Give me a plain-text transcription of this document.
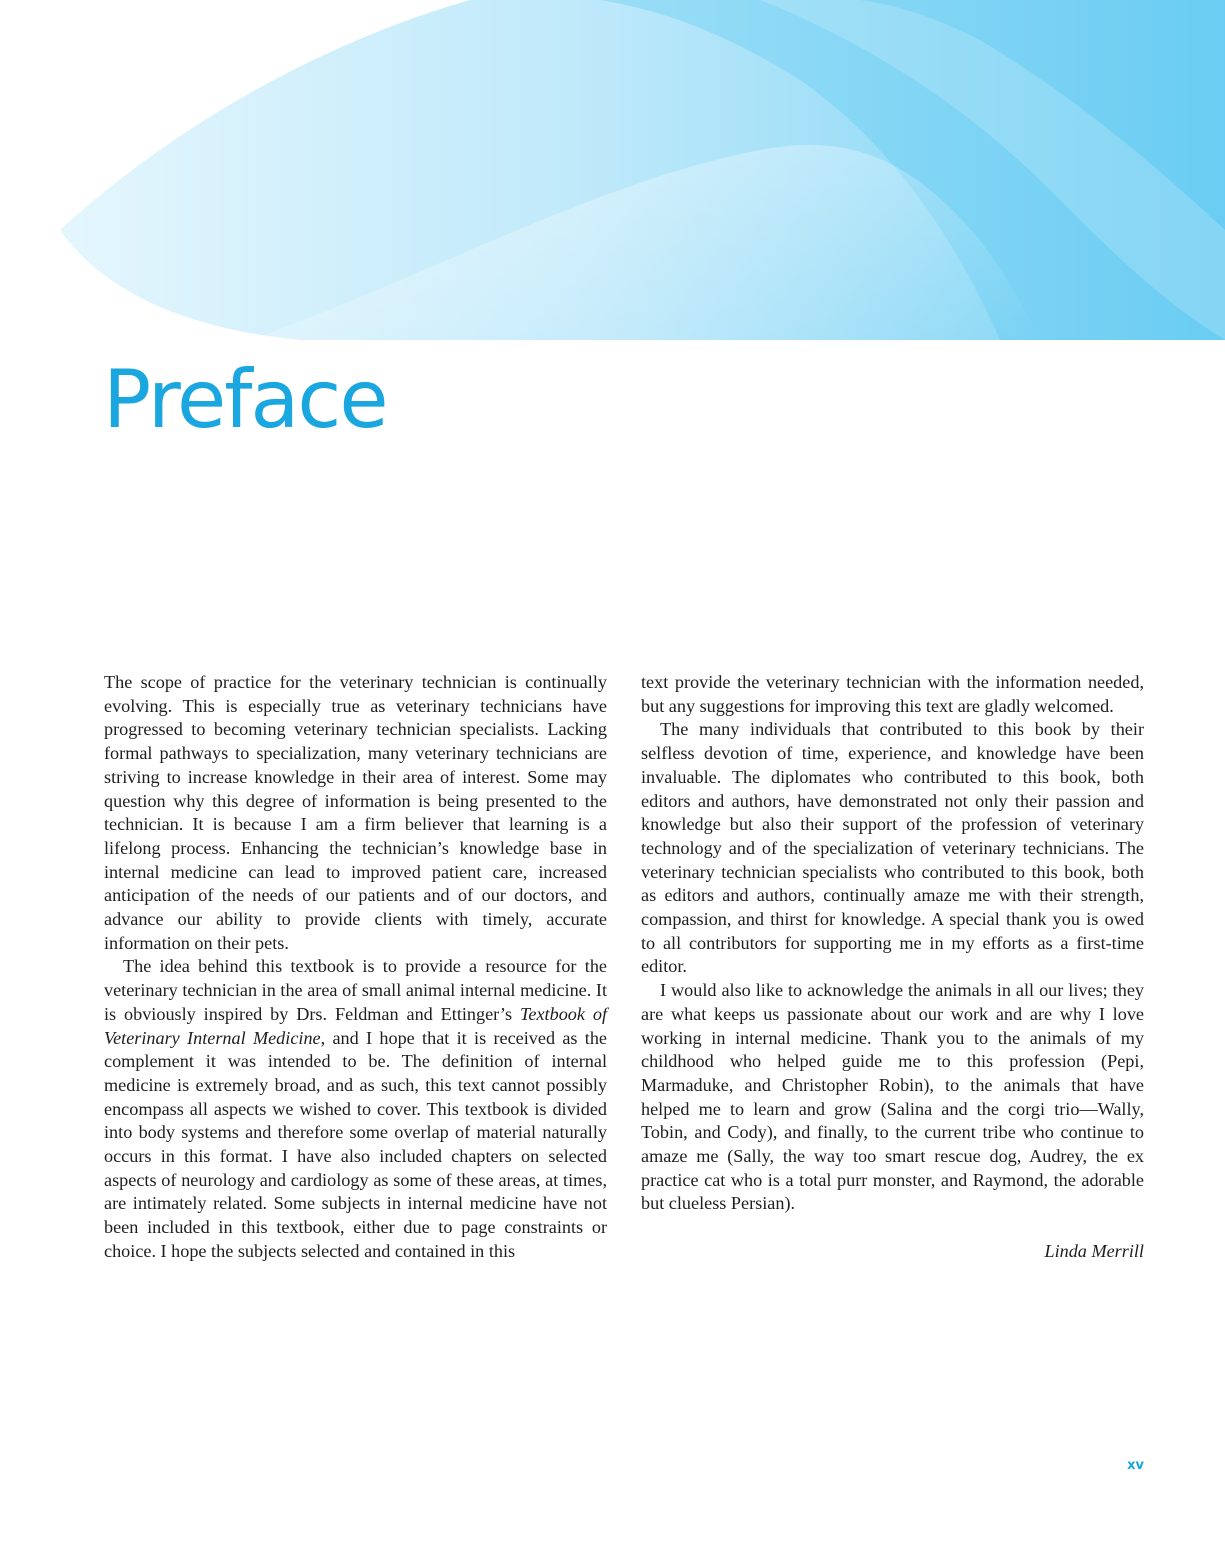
Preface

The scope of practice for the veterinary technician is continually evolving. This is especially true as veterinary technicians have progressed to becoming veterinary technician specialists. Lacking formal pathways to specialization, many veterinary technicians are striving to increase knowledge in their area of interest. Some may question why this degree of information is being presented to the technician. It is because I am a firm believer that learning is a lifelong process. Enhancing the technician’s knowledge base in internal medicine can lead to improved patient care, increased anticipation of the needs of our patients and of our doctors, and advance our ability to provide clients with timely, accurate information on their pets.

The idea behind this textbook is to provide a resource for the veterinary technician in the area of small animal internal medicine. It is obviously inspired by Drs. Feldman and Ettinger’s Textbook of Veterinary Internal Medicine, and I hope that it is received as the complement it was intended to be. The definition of internal medicine is extremely broad, and as such, this text cannot possibly encompass all aspects we wished to cover. This textbook is divided into body systems and therefore some overlap of material naturally occurs in this format. I have also included chapters on selected aspects of neurology and cardiology as some of these areas, at times, are intimately related. Some subjects in internal medicine have not been included in this textbook, either due to page constraints or choice. I hope the subjects selected and contained in this

text provide the veterinary technician with the information needed, but any suggestions for improving this text are gladly welcomed.

The many individuals that contributed to this book by their selfless devotion of time, experience, and knowledge have been invaluable. The diplomates who contributed to this book, both editors and authors, have demonstrated not only their passion and knowledge but also their support of the profession of veterinary technology and of the specialization of veterinary technicians. The veterinary technician specialists who contributed to this book, both as editors and authors, continually amaze me with their strength, compassion, and thirst for knowledge. A special thank you is owed to all contributors for supporting me in my efforts as a first-time editor.

I would also like to acknowledge the animals in all our lives; they are what keeps us passionate about our work and are why I love working in internal medicine. Thank you to the animals of my childhood who helped guide me to this profession (Pepi, Marmaduke, and Christopher Robin), to the animals that have helped me to learn and grow (Salina and the corgi trio—Wally, Tobin, and Cody), and finally, to the current tribe who continue to amaze me (Sally, the way too smart rescue dog, Audrey, the ex practice cat who is a total purr monster, and Raymond, the adorable but clueless Persian).

Linda Merrill

xv
